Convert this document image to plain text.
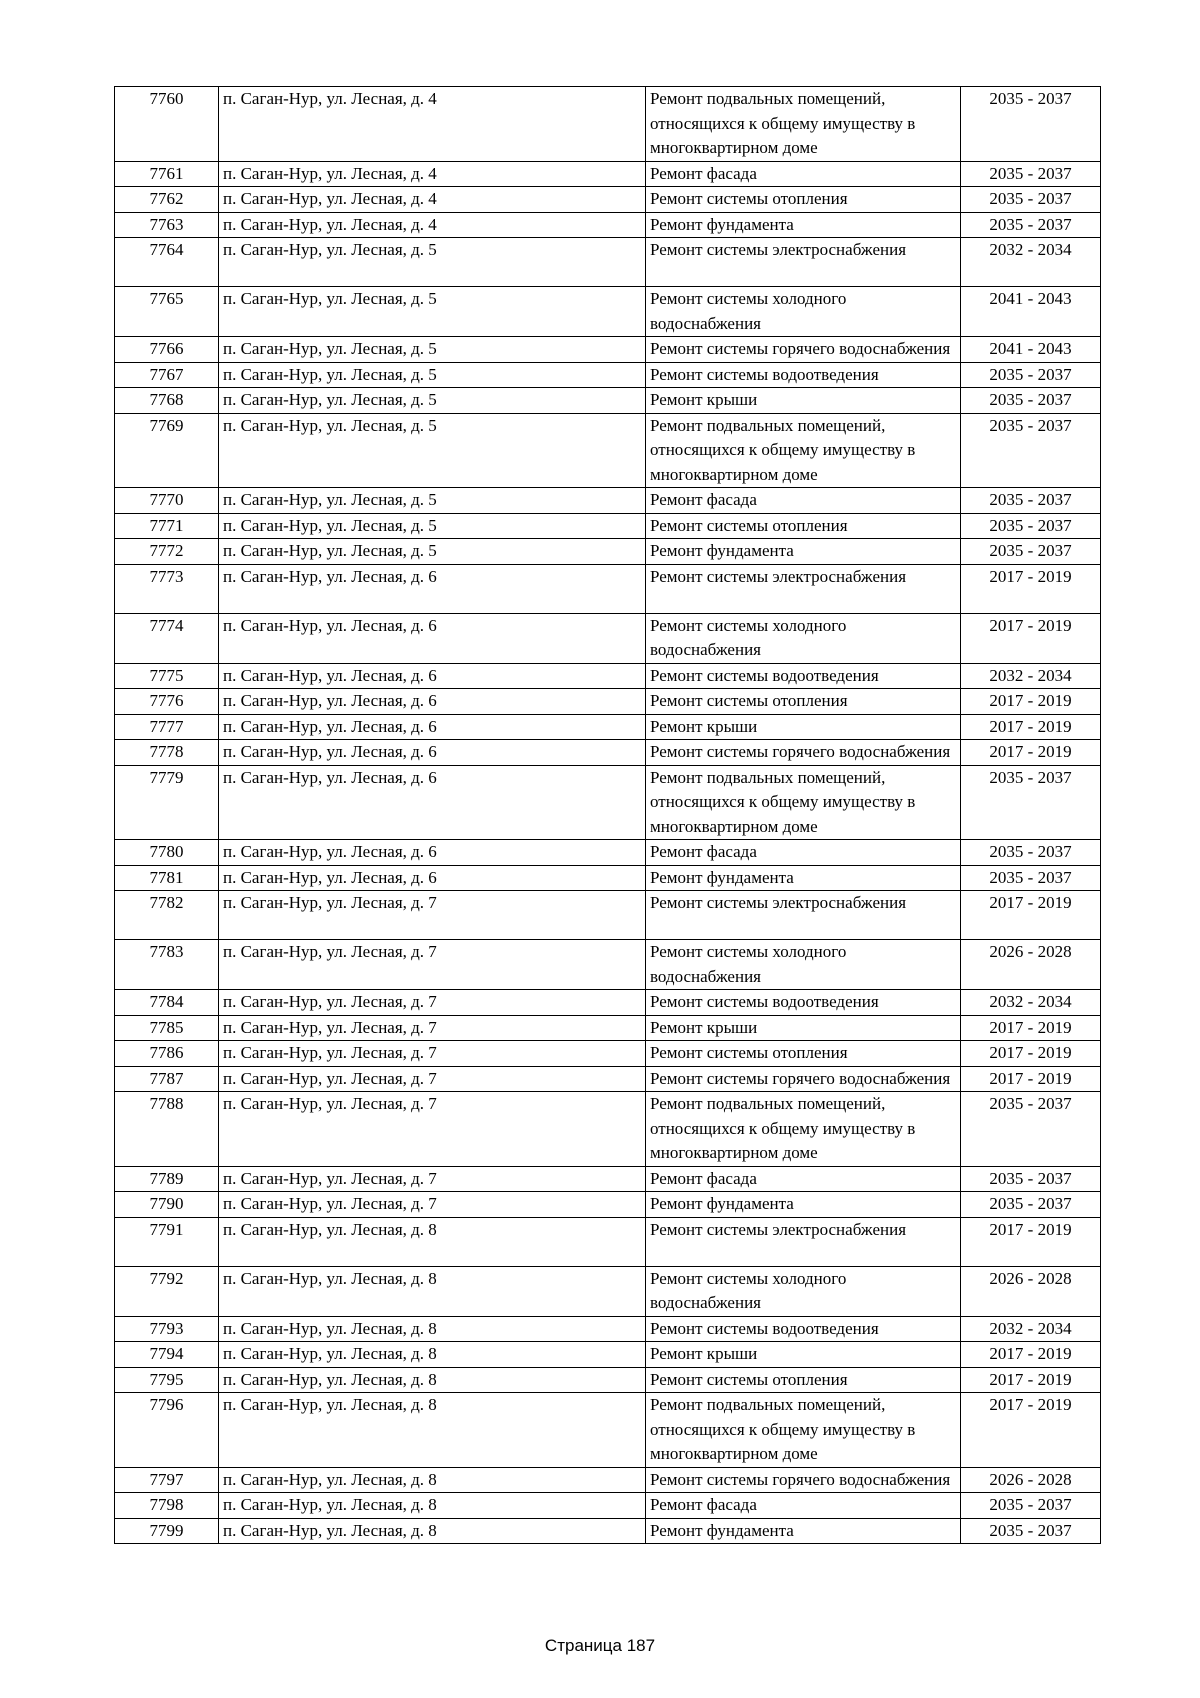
7760	п. Саган-Нур, ул. Лесная, д. 4	Ремонт подвальных помещений, относящихся к общему имуществу в многоквартирном доме	2035 - 2037
7761	п. Саган-Нур, ул. Лесная, д. 4	Ремонт фасада	2035 - 2037
7762	п. Саган-Нур, ул. Лесная, д. 4	Ремонт системы отопления	2035 - 2037
7763	п. Саган-Нур, ул. Лесная, д. 4	Ремонт фундамента	2035 - 2037
7764	п. Саган-Нур, ул. Лесная, д. 5	Ремонт системы электроснабжения	2032 - 2034
7765	п. Саган-Нур, ул. Лесная, д. 5	Ремонт системы холодного водоснабжения	2041 - 2043
7766	п. Саган-Нур, ул. Лесная, д. 5	Ремонт системы горячего водоснабжения	2041 - 2043
7767	п. Саган-Нур, ул. Лесная, д. 5	Ремонт системы водоотведения	2035 - 2037
7768	п. Саган-Нур, ул. Лесная, д. 5	Ремонт крыши	2035 - 2037
7769	п. Саган-Нур, ул. Лесная, д. 5	Ремонт подвальных помещений, относящихся к общему имуществу в многоквартирном доме	2035 - 2037
7770	п. Саган-Нур, ул. Лесная, д. 5	Ремонт фасада	2035 - 2037
7771	п. Саган-Нур, ул. Лесная, д. 5	Ремонт системы отопления	2035 - 2037
7772	п. Саган-Нур, ул. Лесная, д. 5	Ремонт фундамента	2035 - 2037
7773	п. Саган-Нур, ул. Лесная, д. 6	Ремонт системы электроснабжения	2017 - 2019
7774	п. Саган-Нур, ул. Лесная, д. 6	Ремонт системы холодного водоснабжения	2017 - 2019
7775	п. Саган-Нур, ул. Лесная, д. 6	Ремонт системы водоотведения	2032 - 2034
7776	п. Саган-Нур, ул. Лесная, д. 6	Ремонт системы отопления	2017 - 2019
7777	п. Саган-Нур, ул. Лесная, д. 6	Ремонт крыши	2017 - 2019
7778	п. Саган-Нур, ул. Лесная, д. 6	Ремонт системы горячего водоснабжения	2017 - 2019
7779	п. Саган-Нур, ул. Лесная, д. 6	Ремонт подвальных помещений, относящихся к общему имуществу в многоквартирном доме	2035 - 2037
7780	п. Саган-Нур, ул. Лесная, д. 6	Ремонт фасада	2035 - 2037
7781	п. Саган-Нур, ул. Лесная, д. 6	Ремонт фундамента	2035 - 2037
7782	п. Саган-Нур, ул. Лесная, д. 7	Ремонт системы электроснабжения	2017 - 2019
7783	п. Саган-Нур, ул. Лесная, д. 7	Ремонт системы холодного водоснабжения	2026 - 2028
7784	п. Саган-Нур, ул. Лесная, д. 7	Ремонт системы водоотведения	2032 - 2034
7785	п. Саган-Нур, ул. Лесная, д. 7	Ремонт крыши	2017 - 2019
7786	п. Саган-Нур, ул. Лесная, д. 7	Ремонт системы отопления	2017 - 2019
7787	п. Саган-Нур, ул. Лесная, д. 7	Ремонт системы горячего водоснабжения	2017 - 2019
7788	п. Саган-Нур, ул. Лесная, д. 7	Ремонт подвальных помещений, относящихся к общему имуществу в многоквартирном доме	2035 - 2037
7789	п. Саган-Нур, ул. Лесная, д. 7	Ремонт фасада	2035 - 2037
7790	п. Саган-Нур, ул. Лесная, д. 7	Ремонт фундамента	2035 - 2037
7791	п. Саган-Нур, ул. Лесная, д. 8	Ремонт системы электроснабжения	2017 - 2019
7792	п. Саган-Нур, ул. Лесная, д. 8	Ремонт системы холодного водоснабжения	2026 - 2028
7793	п. Саган-Нур, ул. Лесная, д. 8	Ремонт системы водоотведения	2032 - 2034
7794	п. Саган-Нур, ул. Лесная, д. 8	Ремонт крыши	2017 - 2019
7795	п. Саган-Нур, ул. Лесная, д. 8	Ремонт системы отопления	2017 - 2019
7796	п. Саган-Нур, ул. Лесная, д. 8	Ремонт подвальных помещений, относящихся к общему имуществу в многоквартирном доме	2017 - 2019
7797	п. Саган-Нур, ул. Лесная, д. 8	Ремонт системы горячего водоснабжения	2026 - 2028
7798	п. Саган-Нур, ул. Лесная, д. 8	Ремонт фасада	2035 - 2037
7799	п. Саган-Нур, ул. Лесная, д. 8	Ремонт фундамента	2035 - 2037
Страница 187
